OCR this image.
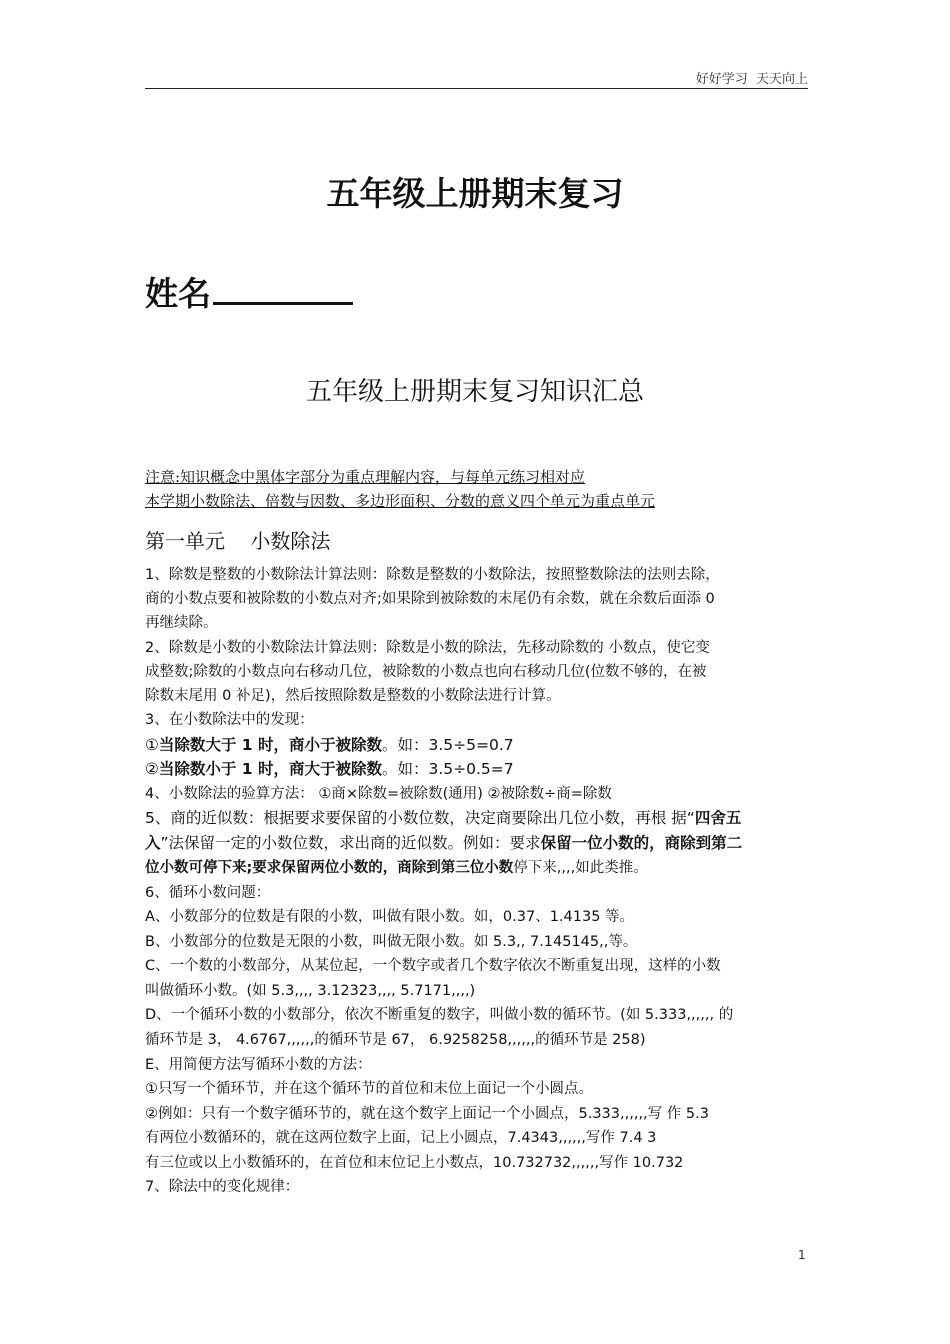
好好学习  天天向上
五年级上册期末复习
姓名
五年级上册期末复习知识汇总
注意:知识概念中黑体字部分为重点理解内容，与每单元练习相对应
本学期小数除法、倍数与因数、多边形面积、分数的意义四个单元为重点单元
第一单元    小数除法
1、除数是整数的小数除法计算法则：除数是整数的小数除法，按照整数除法的法则去除，
商的小数点要和被除数的小数点对齐;如果除到被除数的末尾仍有余数，就在余数后面添 0
再继续除。
2、除数是小数的小数除法计算法则：除数是小数的除法，先移动除数的 小数点，使它变
成整数;除数的小数点向右移动几位，被除数的小数点也向右移动几位(位数不够的，在被
除数末尾用 0 补足)，然后按照除数是整数的小数除法进行计算。
3、在小数除法中的发现：
①当除数大于 1 时，商小于被除数。如：3.5÷5=0.7
②当除数小于 1 时，商大于被除数。如：3.5÷0.5=7
4、小数除法的验算方法： ①商×除数=被除数(通用) ②被除数÷商=除数
5、商的近似数：根据要求要保留的小数位数，决定商要除出几位小数，再根 据“四舍五
入”法保留一定的小数位数，求出商的近似数。例如：要求保留一位小数的，商除到第二
位小数可停下来;要求保留两位小数的，商除到第三位小数停下来,,,,如此类推。
6、循环小数问题：
A、小数部分的位数是有限的小数，叫做有限小数。如，0.37、1.4135 等。
B、小数部分的位数是无限的小数，叫做无限小数。如 5.3,, 7.145145,,等。
C、一个数的小数部分，从某位起，一个数字或者几个数字依次不断重复出现，这样的小数
叫做循环小数。(如 5.3,,,, 3.12323,,,, 5.7171,,,,)
D、一个循环小数的小数部分，依次不断重复的数字，叫做小数的循环节。(如 5.333,,,,,, 的
循环节是 3， 4.6767,,,,,,的循环节是 67， 6.9258258,,,,,,的循环节是 258)
E、用简便方法写循环小数的方法：
①只写一个循环节，并在这个循环节的首位和末位上面记一个小圆点。
②例如：只有一个数字循环节的，就在这个数字上面记一个小圆点，5.333,,,,,,写 作 5.3
有两位小数循环的，就在这两位数字上面，记上小圆点，7.4343,,,,,,写作 7.4 3
有三位或以上小数循环的，在首位和末位记上小数点，10.732732,,,,,,写作 10.732
7、除法中的变化规律：
1
